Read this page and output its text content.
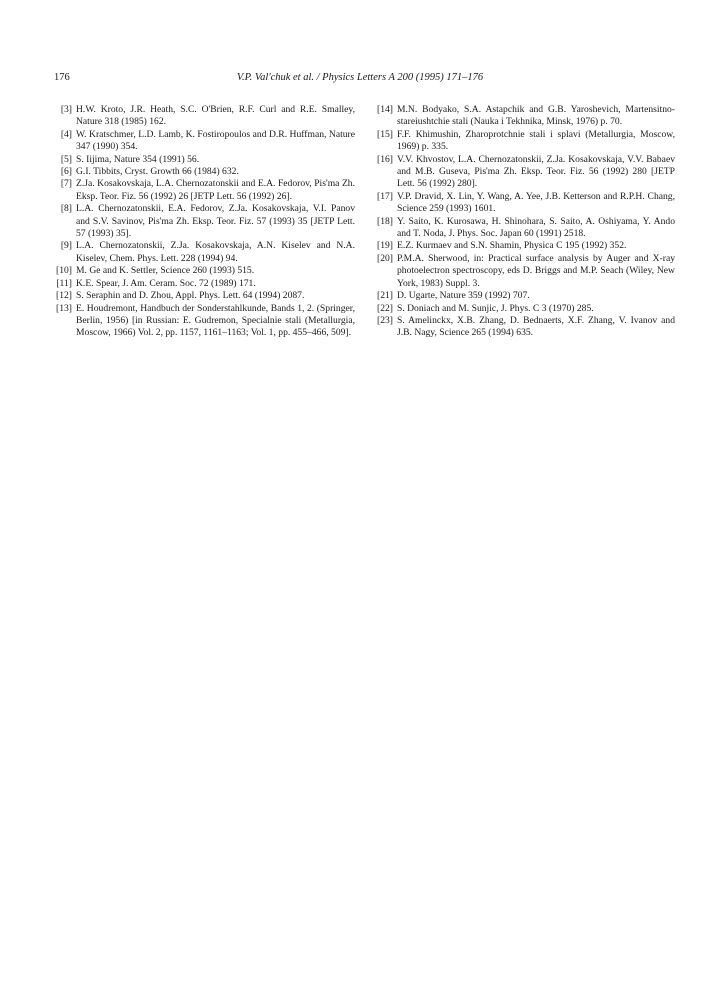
176	V.P. Val'chuk et al. / Physics Letters A 200 (1995) 171–176
[3] H.W. Kroto, J.R. Heath, S.C. O'Brien, R.F. Curl and R.E. Smalley, Nature 318 (1985) 162.
[4] W. Kratschmer, L.D. Lamb, K. Fostiropoulos and D.R. Huffman, Nature 347 (1990) 354.
[5] S. Iijima, Nature 354 (1991) 56.
[6] G.I. Tibbits, Cryst. Growth 66 (1984) 632.
[7] Z.Ja. Kosakovskaja, L.A. Chernozatonskii and E.A. Fedorov, Pis'ma Zh. Eksp. Teor. Fiz. 56 (1992) 26 [JETP Lett. 56 (1992) 26].
[8] L.A. Chernozatonskii, E.A. Fedorov, Z.Ja. Kosakovskaja, V.I. Panov and S.V. Savinov, Pis'ma Zh. Eksp. Teor. Fiz. 57 (1993) 35 [JETP Lett. 57 (1993) 35].
[9] L.A. Chernozatonskii, Z.Ja. Kosakovskaja, A.N. Kiselev and N.A. Kiselev, Chem. Phys. Lett. 228 (1994) 94.
[10] M. Ge and K. Settler, Science 260 (1993) 515.
[11] K.E. Spear, J. Am. Ceram. Soc. 72 (1989) 171.
[12] S. Seraphin and D. Zhou, Appl. Phys. Lett. 64 (1994) 2087.
[13] E. Houdremont, Handbuch der Sonderstahlkunde, Bands 1, 2. (Springer, Berlin, 1956) [in Russian: E. Gudremon, Specialnie stali (Metallurgia, Moscow, 1966) Vol. 2, pp. 1157, 1161–1163; Vol. 1, pp. 455–466, 509].
[14] M.N. Bodyako, S.A. Astapchik and G.B. Yaroshevich, Martensitno-stareiushtchie stali (Nauka i Tekhnika, Minsk, 1976) p. 70.
[15] F.F. Khimushin, Zharoprotchnie stali i splavi (Metallurgia, Moscow, 1969) p. 335.
[16] V.V. Khvostov, L.A. Chernozatonskii, Z.Ja. Kosakovskaja, V.V. Babaev and M.B. Guseva, Pis'ma Zh. Eksp. Teor. Fiz. 56 (1992) 280 [JETP Lett. 56 (1992) 280].
[17] V.P. Dravid, X. Lin, Y. Wang, A. Yee, J.B. Ketterson and R.P.H. Chang, Science 259 (1993) 1601.
[18] Y. Saito, K. Kurosawa, H. Shinohara, S. Saito, A. Oshiyama, Y. Ando and T. Noda, J. Phys. Soc. Japan 60 (1991) 2518.
[19] E.Z. Kurmaev and S.N. Shamin, Physica C 195 (1992) 352.
[20] P.M.A. Sherwood, in: Practical surface analysis by Auger and X-ray photoelectron spectroscopy, eds D. Briggs and M.P. Seach (Wiley, New York, 1983) Suppl. 3.
[21] D. Ugarte, Nature 359 (1992) 707.
[22] S. Doniach and M. Sunjic, J. Phys. C 3 (1970) 285.
[23] S. Amelinckx, X.B. Zhang, D. Bednaerts, X.F. Zhang, V. Ivanov and J.B. Nagy, Science 265 (1994) 635.
